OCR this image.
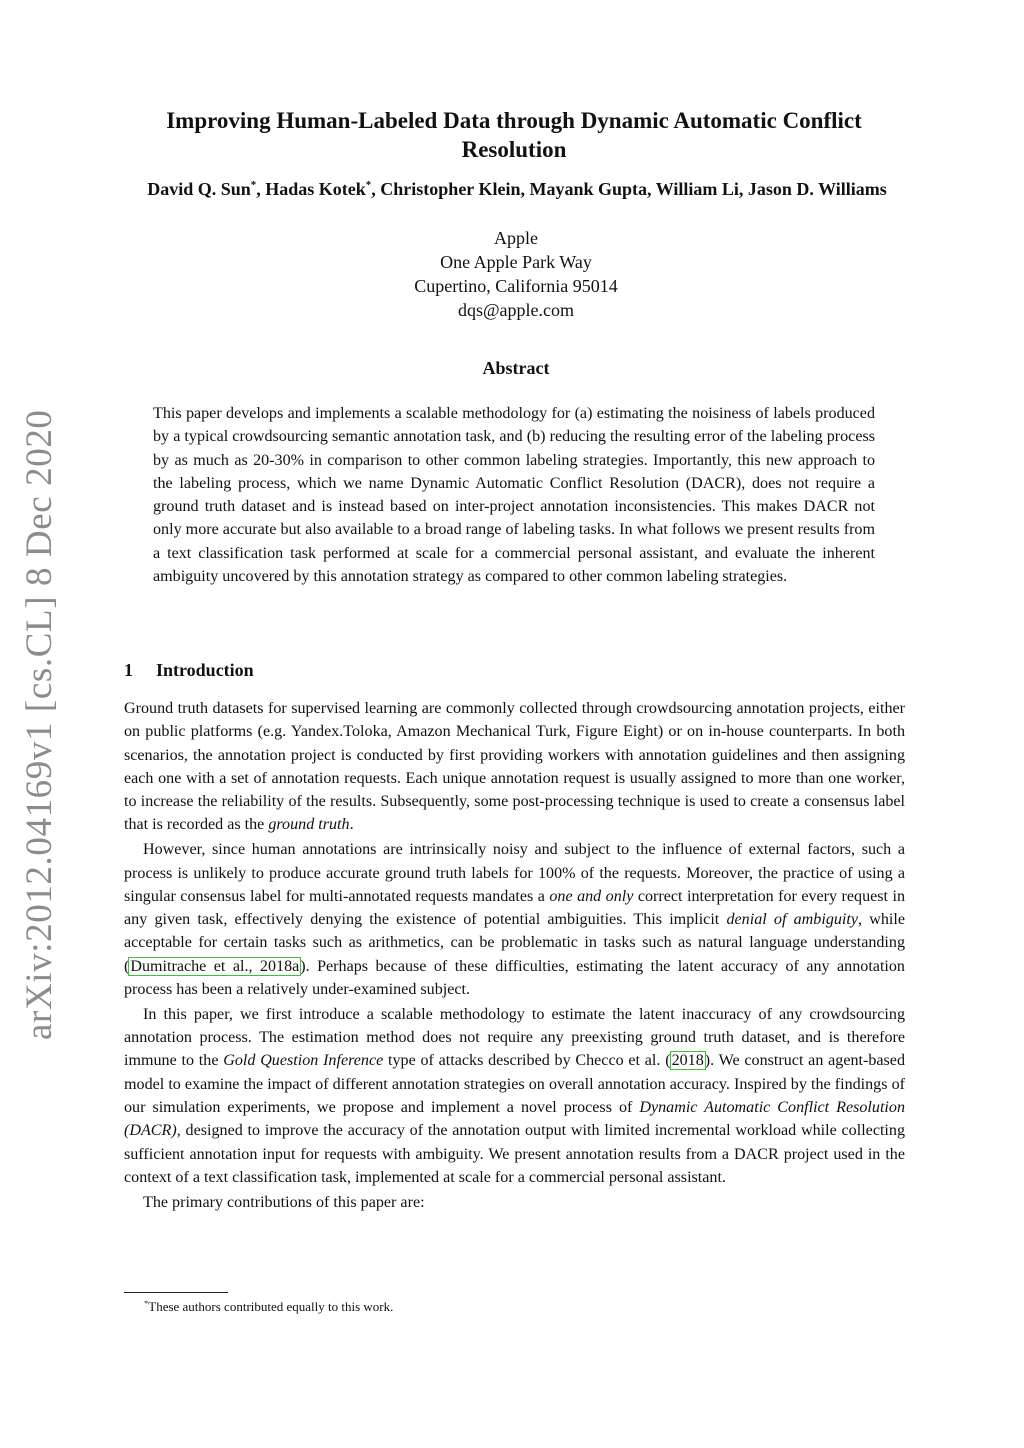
arXiv:2012.04169v1 [cs.CL] 8 Dec 2020
Improving Human-Labeled Data through Dynamic Automatic Conflict Resolution
David Q. Sun*, Hadas Kotek*, Christopher Klein, Mayank Gupta, William Li, Jason D. Williams
Apple
One Apple Park Way
Cupertino, California 95014
dqs@apple.com
Abstract
This paper develops and implements a scalable methodology for (a) estimating the noisiness of labels produced by a typical crowdsourcing semantic annotation task, and (b) reducing the resulting error of the labeling process by as much as 20-30% in comparison to other common labeling strategies. Importantly, this new approach to the labeling process, which we name Dynamic Automatic Conflict Resolution (DACR), does not require a ground truth dataset and is instead based on inter-project annotation inconsistencies. This makes DACR not only more accurate but also available to a broad range of labeling tasks. In what follows we present results from a text classification task performed at scale for a commercial personal assistant, and evaluate the inherent ambiguity uncovered by this annotation strategy as compared to other common labeling strategies.
1 Introduction

Ground truth datasets for supervised learning are commonly collected through crowdsourcing annotation projects, either on public platforms (e.g. Yandex.Toloka, Amazon Mechanical Turk, Figure Eight) or on in-house counterparts. In both scenarios, the annotation project is conducted by first providing workers with annotation guidelines and then assigning each one with a set of annotation requests. Each unique annotation request is usually assigned to more than one worker, to increase the reliability of the results. Subsequently, some post-processing technique is used to create a consensus label that is recorded as the ground truth.

However, since human annotations are intrinsically noisy and subject to the influence of external factors, such a process is unlikely to produce accurate ground truth labels for 100% of the requests. Moreover, the practice of using a singular consensus label for multi-annotated requests mandates a one and only correct interpretation for every request in any given task, effectively denying the existence of potential ambiguities. This implicit denial of ambiguity, while acceptable for certain tasks such as arithmetics, can be problematic in tasks such as natural language understanding (Dumitrache et al., 2018a). Perhaps because of these difficulties, estimating the latent accuracy of any annotation process has been a relatively under-examined subject.

In this paper, we first introduce a scalable methodology to estimate the latent inaccuracy of any crowdsourcing annotation process. The estimation method does not require any preexisting ground truth dataset, and is therefore immune to the Gold Question Inference type of attacks described by Checco et al. (2018). We construct an agent-based model to examine the impact of different annotation strategies on overall annotation accuracy. Inspired by the findings of our simulation experiments, we propose and implement a novel process of Dynamic Automatic Conflict Resolution (DACR), designed to improve the accuracy of the annotation output with limited incremental workload while collecting sufficient annotation input for requests with ambiguity. We present annotation results from a DACR project used in the context of a text classification task, implemented at scale for a commercial personal assistant.

The primary contributions of this paper are:

*These authors contributed equally to this work.
